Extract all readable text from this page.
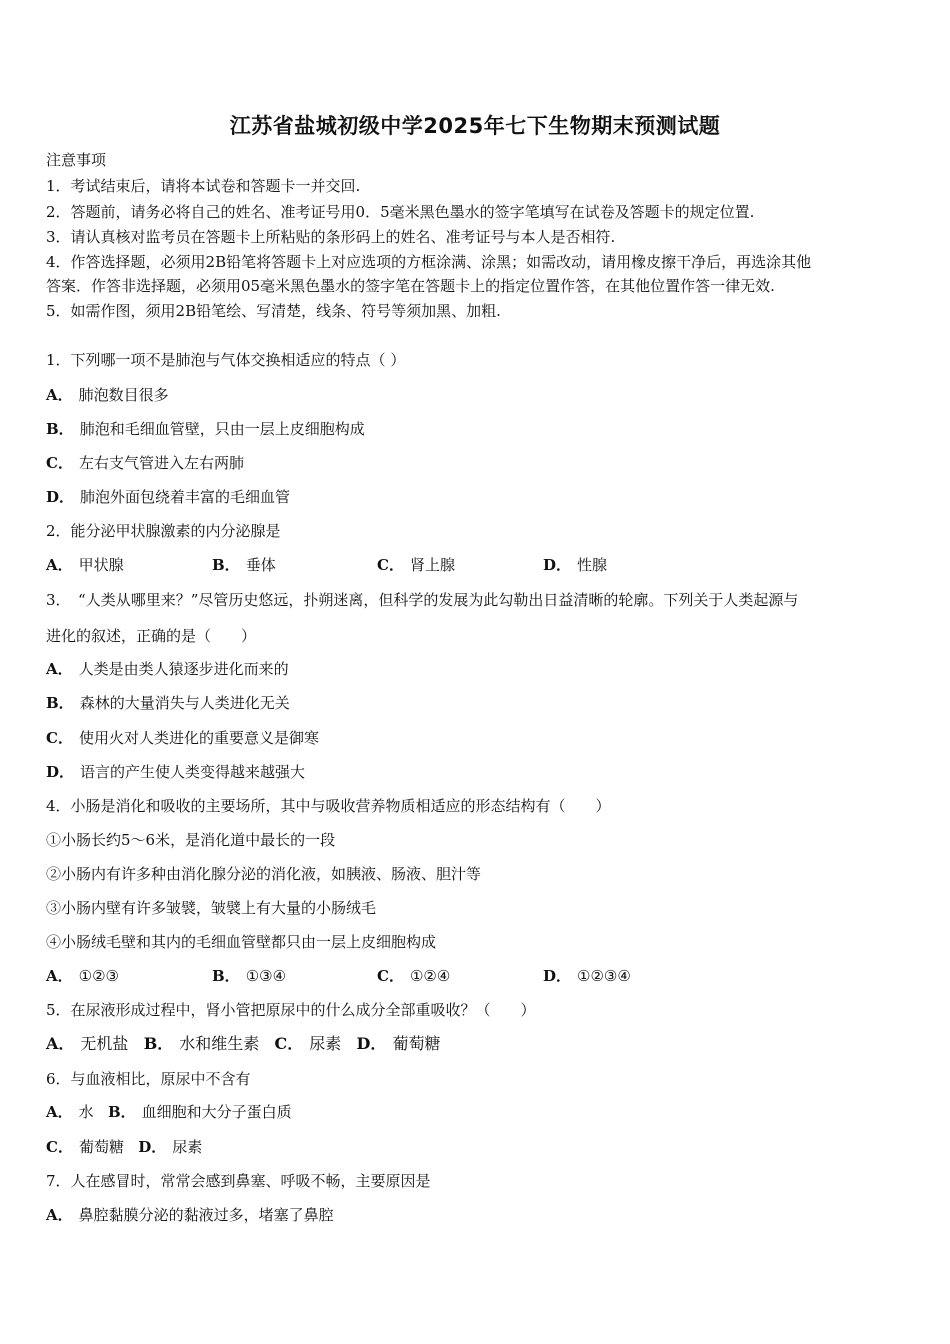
江苏省盐城初级中学2025年七下生物期末预测试题
注意事项
1．考试结束后，请将本试卷和答题卡一并交回.
2．答题前，请务必将自己的姓名、准考证号用0．5毫米黑色墨水的签字笔填写在试卷及答题卡的规定位置.
3．请认真核对监考员在答题卡上所粘贴的条形码上的姓名、准考证号与本人是否相符.
4．作答选择题，必须用2B铅笔将答题卡上对应选项的方框涂满、涂黑；如需改动，请用橡皮擦干净后，再选涂其他
答案．作答非选择题，必须用05毫米黑色墨水的签字笔在答题卡上的指定位置作答，在其他位置作答一律无效.
5．如需作图，须用2B铅笔绘、写清楚，线条、符号等须加黑、加粗.
1．下列哪一项不是肺泡与气体交换相适应的特点（ ）
A． 肺泡数目很多
B． 肺泡和毛细血管壁，只由一层上皮细胞构成
C． 左右支气管进入左右两肺
D． 肺泡外面包绕着丰富的毛细血管
2．能分泌甲状腺激素的内分泌腺是
A． 甲状腺	B． 垂体	C． 肾上腺	D． 性腺
3．　“人类从哪里来？”尽管历史悠远，扑朔迷离，但科学的发展为此勾勒出日益清晰的轮廓。下列关于人类起源与
进化的叙述，正确的是（　　）
A． 人类是由类人猿逐步进化而来的
B． 森林的大量消失与人类进化无关
C． 使用火对人类进化的重要意义是御寒
D． 语言的产生使人类变得越来越强大
4．小肠是消化和吸收的主要场所，其中与吸收营养物质相适应的形态结构有（　　）
①小肠长约5～6米，是消化道中最长的一段
②小肠内有许多种由消化腺分泌的消化液，如胰液、肠液、胆汁等
③小肠内壁有许多皱襞，皱襞上有大量的小肠绒毛
④小肠绒毛壁和其内的毛细血管壁都只由一层上皮细胞构成
A． ①②③	B． ①③④	C． ①②④	D． ①②③④
5．在尿液形成过程中，肾小管把原尿中的什么成分全部重吸收？（　　）
A． 无机盐 B． 水和维生素 C． 尿素 D． 葡萄糖
6．与血液相比，原尿中不含有
A． 水 B． 血细胞和大分子蛋白质
C． 葡萄糖 D． 尿素
7．人在感冒时，常常会感到鼻塞、呼吸不畅，主要原因是
A． 鼻腔黏膜分泌的黏液过多，堵塞了鼻腔
